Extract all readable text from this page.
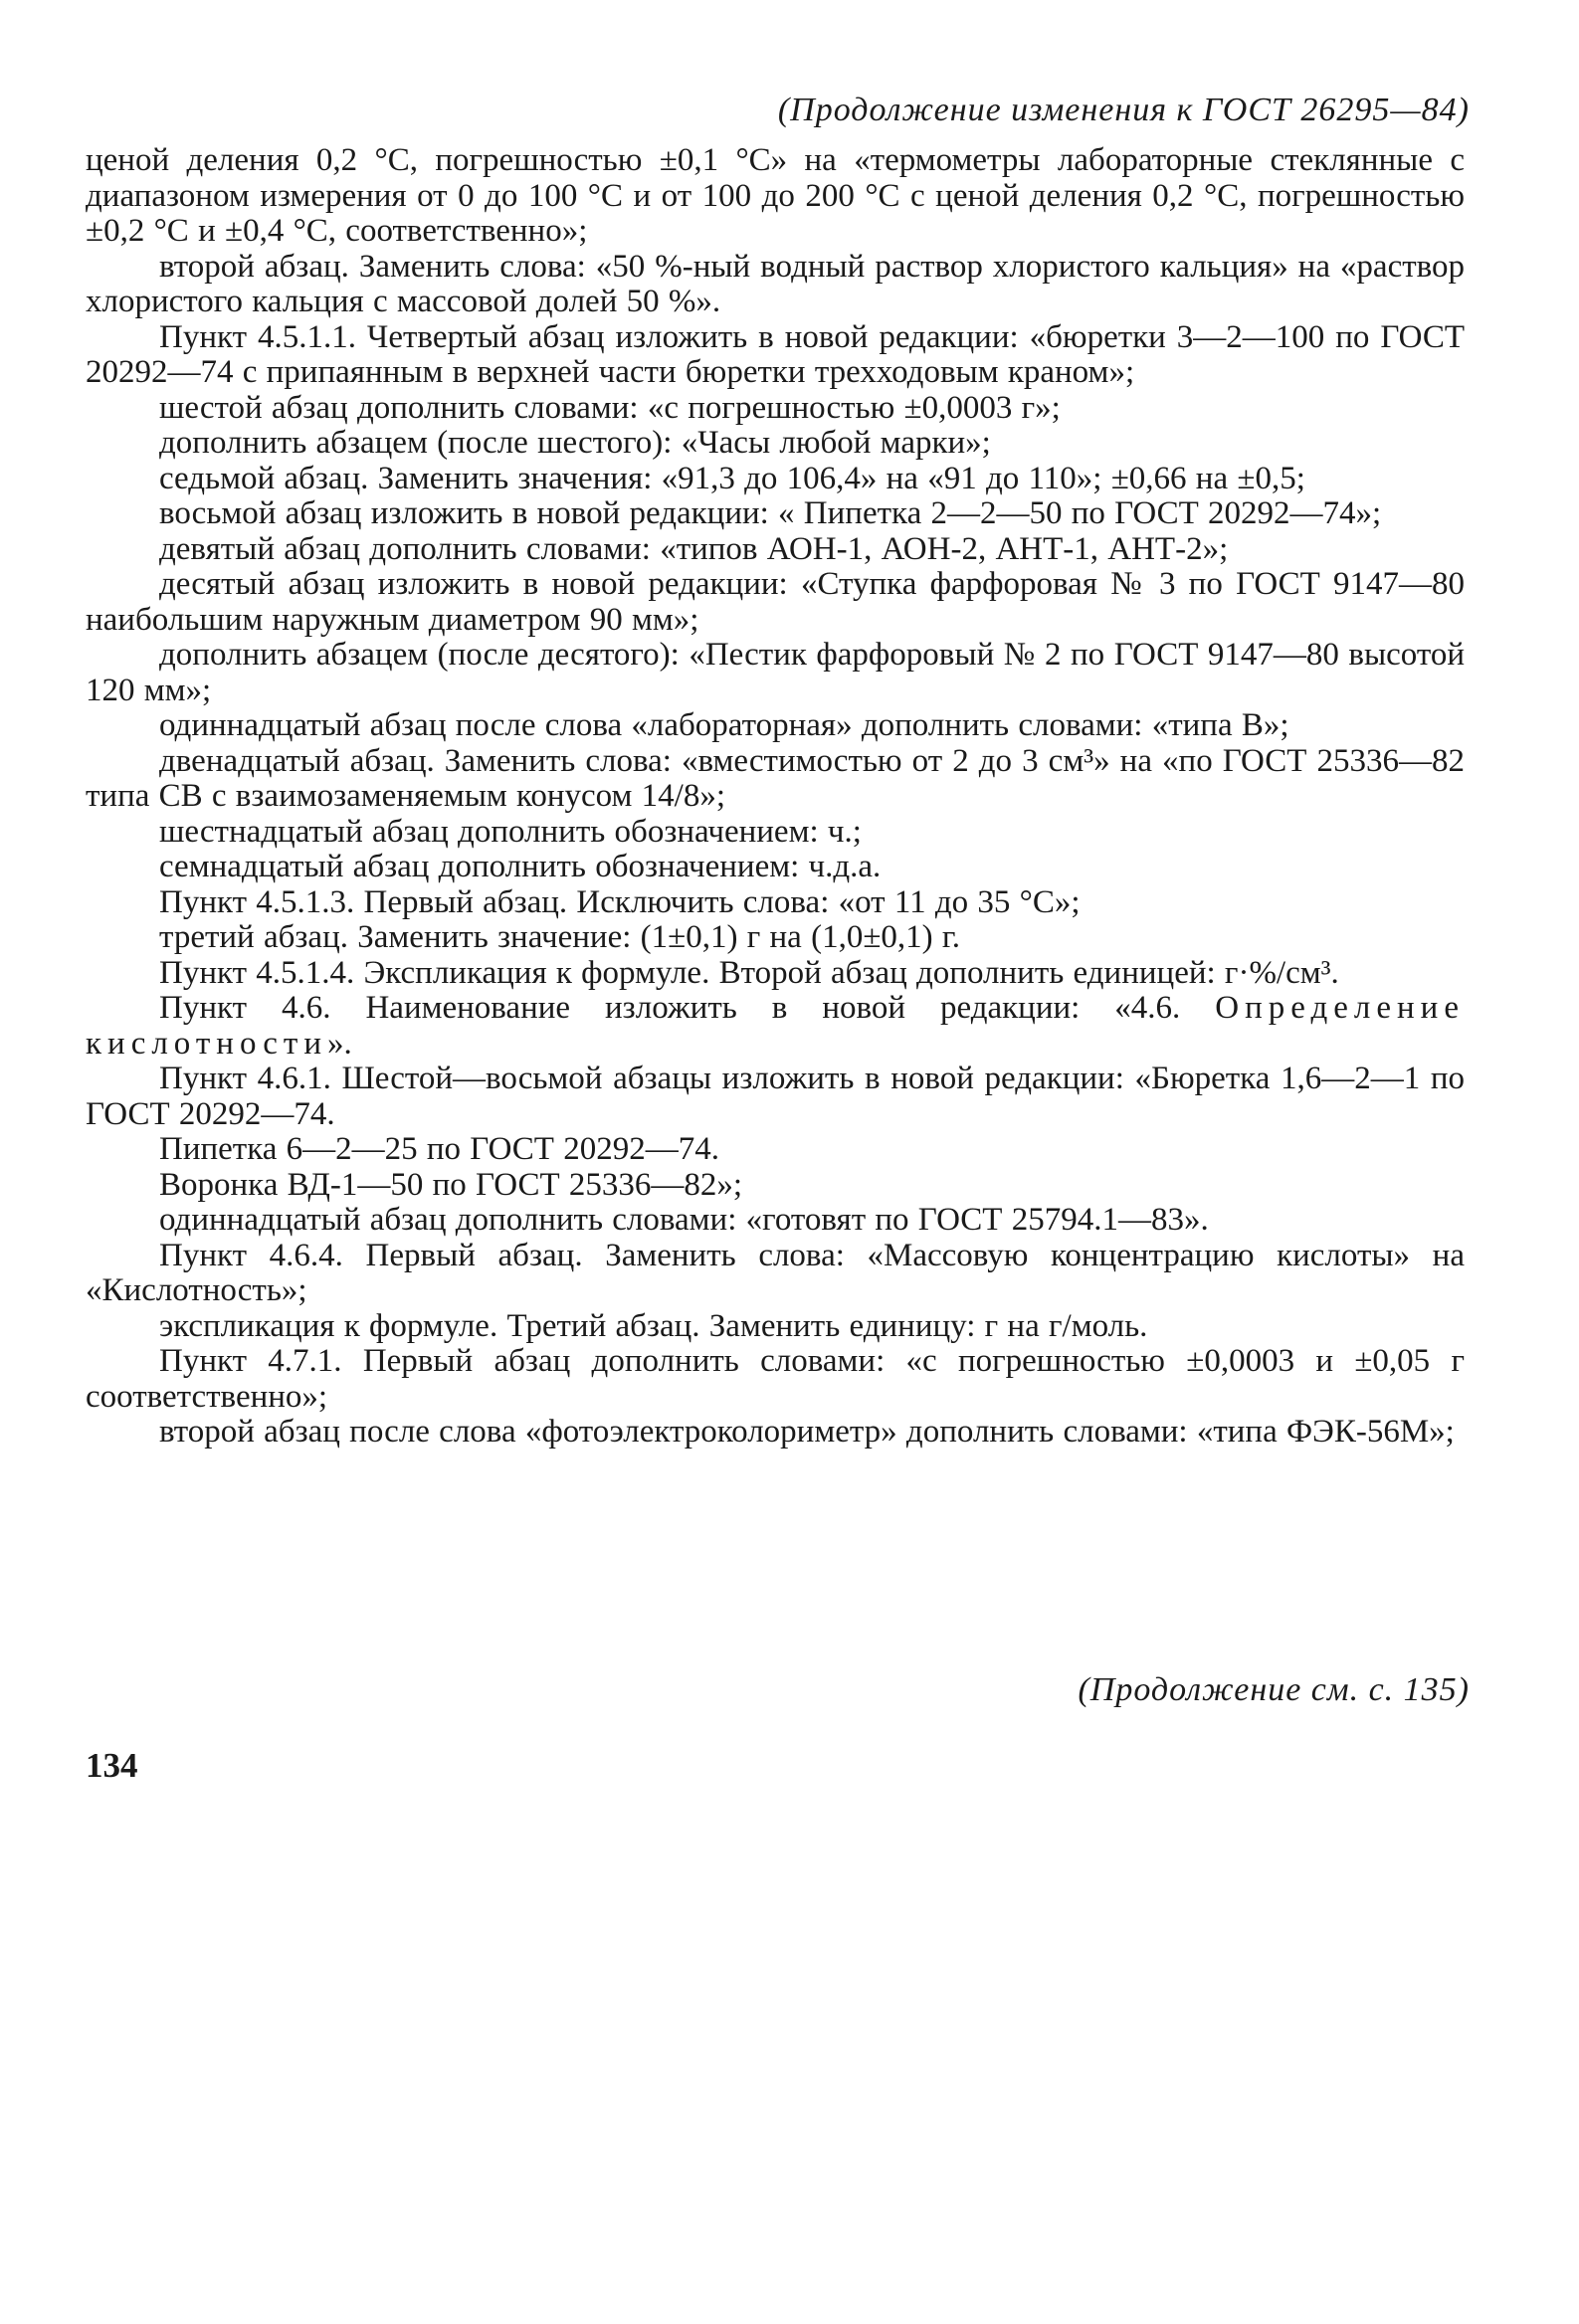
(Продолжение изменения к ГОСТ 26295—84)

ценой деления 0,2 °С, погрешностью ±0,1 °С» на «термометры лабораторные стеклянные с диапазоном измерения от 0 до 100 °С и от 100 до 200 °С с ценой деления 0,2 °С, погрешностью ±0,2 °С и ±0,4 °С, соответственно»;

второй абзац. Заменить слова: «50 %-ный водный раствор хлористого кальция» на «раствор хлористого кальция с массовой долей 50 %».

Пункт 4.5.1.1. Четвертый абзац изложить в новой редакции: «бюретки 3—2—100 по ГОСТ 20292—74 с припаянным в верхней части бюретки трехходовым краном»;

шестой абзац дополнить словами: «с погрешностью ±0,0003 г»;

дополнить абзацем (после шестого): «Часы любой марки»;

седьмой абзац. Заменить значения: «91,3 до 106,4» на «91 до 110»; ±0,66 на ±0,5;

восьмой абзац изложить в новой редакции: « Пипетка 2—2—50 по ГОСТ 20292—74»;

девятый абзац дополнить словами: «типов АОН-1, АОН-2, АНТ-1, АНТ-2»;

десятый абзац изложить в новой редакции: «Ступка фарфоровая № 3 по ГОСТ 9147—80 наибольшим наружным диаметром 90 мм»;

дополнить абзацем (после десятого): «Пестик фарфоровый № 2 по ГОСТ 9147—80 высотой 120 мм»;

одиннадцатый абзац после слова «лабораторная» дополнить словами: «типа В»;

двенадцатый абзац. Заменить слова: «вместимостью от 2 до 3 см³» на «по ГОСТ 25336—82 типа СВ с взаимозаменяемым конусом 14/8»;

шестнадцатый абзац дополнить обозначением: ч.;

семнадцатый абзац дополнить обозначением: ч.д.а.

Пункт 4.5.1.3. Первый абзац. Исключить слова: «от 11 до 35 °С»;

третий абзац. Заменить значение: (1±0,1) г на (1,0±0,1) г.

Пункт 4.5.1.4. Экспликация к формуле. Второй абзац дополнить единицей: г·%/см³.

Пункт 4.6. Наименование изложить в новой редакции: «4.6. Определение кислотности».

Пункт 4.6.1. Шестой—восьмой абзацы изложить в новой редакции: «Бюретка 1,6—2—1 по ГОСТ 20292—74.

Пипетка 6—2—25 по ГОСТ 20292—74.

Воронка ВД-1—50 по ГОСТ 25336—82»;

одиннадцатый абзац дополнить словами: «готовят по ГОСТ 25794.1—83».

Пункт 4.6.4. Первый абзац. Заменить слова: «Массовую концентрацию кислоты» на «Кислотность»;

экспликация к формуле. Третий абзац. Заменить единицу: г на г/моль.

Пункт 4.7.1. Первый абзац дополнить словами: «с погрешностью ±0,0003 и ±0,05 г соответственно»;

второй абзац после слова «фотоэлектроколориметр» дополнить словами: «типа ФЭК-56М»;

(Продолжение см. с. 135)
134
